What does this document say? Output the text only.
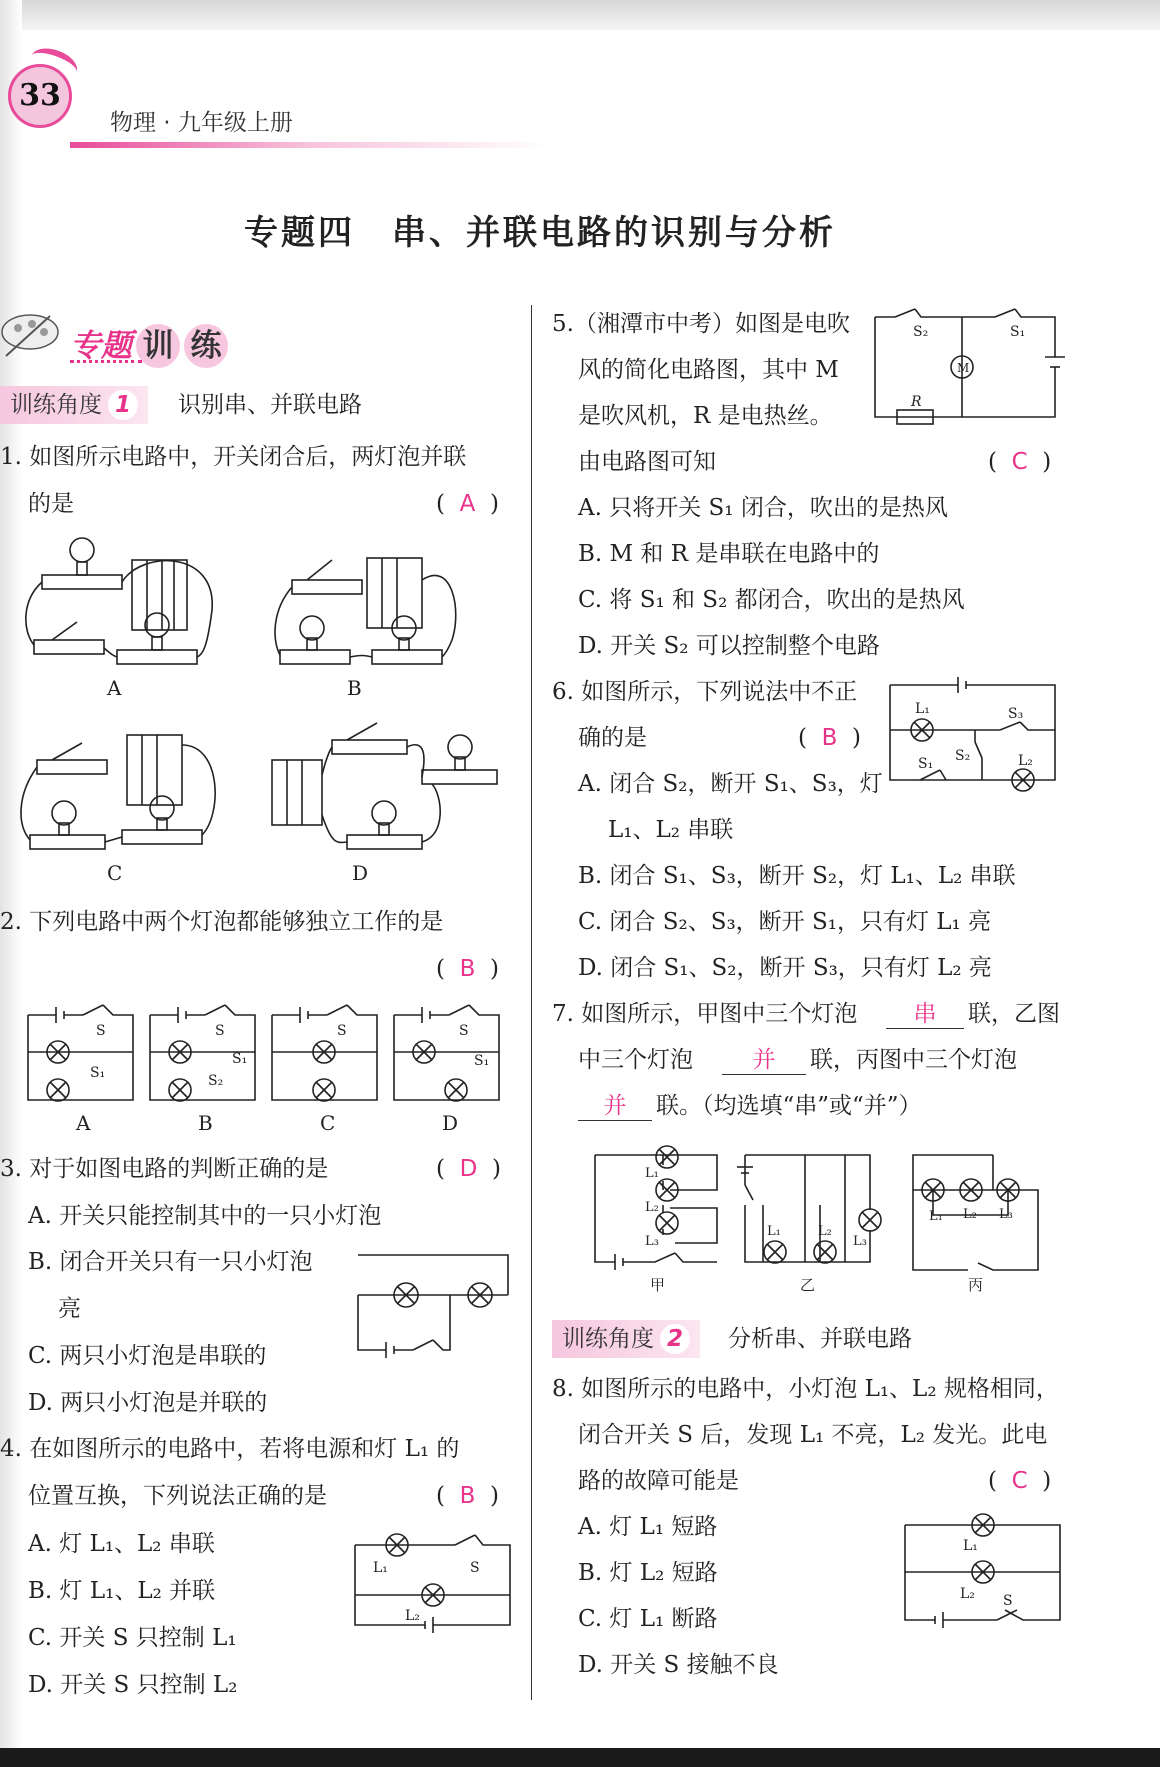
33
物理 · 九年级上册
专题四　串、并联电路的识别与分析
专题 训 练
训练角度 1	识别串、并联电路
1. 如图所示电路中，开关闭合后，两灯泡并联
的是	(  A  )
A	B
C	D
2. 下列电路中两个灯泡都能够独立工作的是
(  B  )
S
S₁
A
S
S₁
S₂
B
S
C
S
S₁
D
3. 对于如图电路的判断正确的是	(  D  )
A. 开关只能控制其中的一只小灯泡
B. 闭合开关只有一只小灯泡
亮
C. 两只小灯泡是串联的
D. 两只小灯泡是并联的
4. 在如图所示的电路中，若将电源和灯 L₁ 的
位置互换，下列说法正确的是	(  B  )
A. 灯 L₁、L₂ 串联
B. 灯 L₁、L₂ 并联
C. 开关 S 只控制 L₁
D. 开关 S 只控制 L₂
L₁	S
L₂
5.（湘潭市中考）如图是电吹
风的简化电路图，其中 M
是吹风机，R 是电热丝。
由电路图可知	(  C  )
A. 只将开关 S₁ 闭合，吹出的是热风
B. M 和 R 是串联在电路中的
C. 将 S₁ 和 S₂ 都闭合，吹出的是热风
D. 开关 S₂ 可以控制整个电路
M
R
S₂	S₁
6. 如图所示，下列说法中不正
确的是	(  B  )
A. 闭合 S₂，断开 S₁、S₃，灯
L₁、L₂ 串联
B. 闭合 S₁、S₃，断开 S₂，灯 L₁、L₂ 串联
C. 闭合 S₂、S₃，断开 S₁，只有灯 L₁ 亮
D. 闭合 S₁、S₂，断开 S₃，只有灯 L₂ 亮
L₁	S₃
S₂
S₁	L₂
7. 如图所示，甲图中三个灯泡	串	联，乙图
中三个灯泡	并	联，丙图中三个灯泡
并	联。（均选填“串”或“并”）
L₁
L₂
L₃
甲
L₃
L₁	L₂
乙
L₁ L₂ L₃
丙
训练角度 2	分析串、并联电路
8. 如图所示的电路中，小灯泡 L₁、L₂ 规格相同，
闭合开关 S 后，发现 L₁ 不亮，L₂ 发光。此电
路的故障可能是	(  C  )
A. 灯 L₁ 短路
B. 灯 L₂ 短路
C. 灯 L₁ 断路
D. 开关 S 接触不良
L₁
L₂ S
